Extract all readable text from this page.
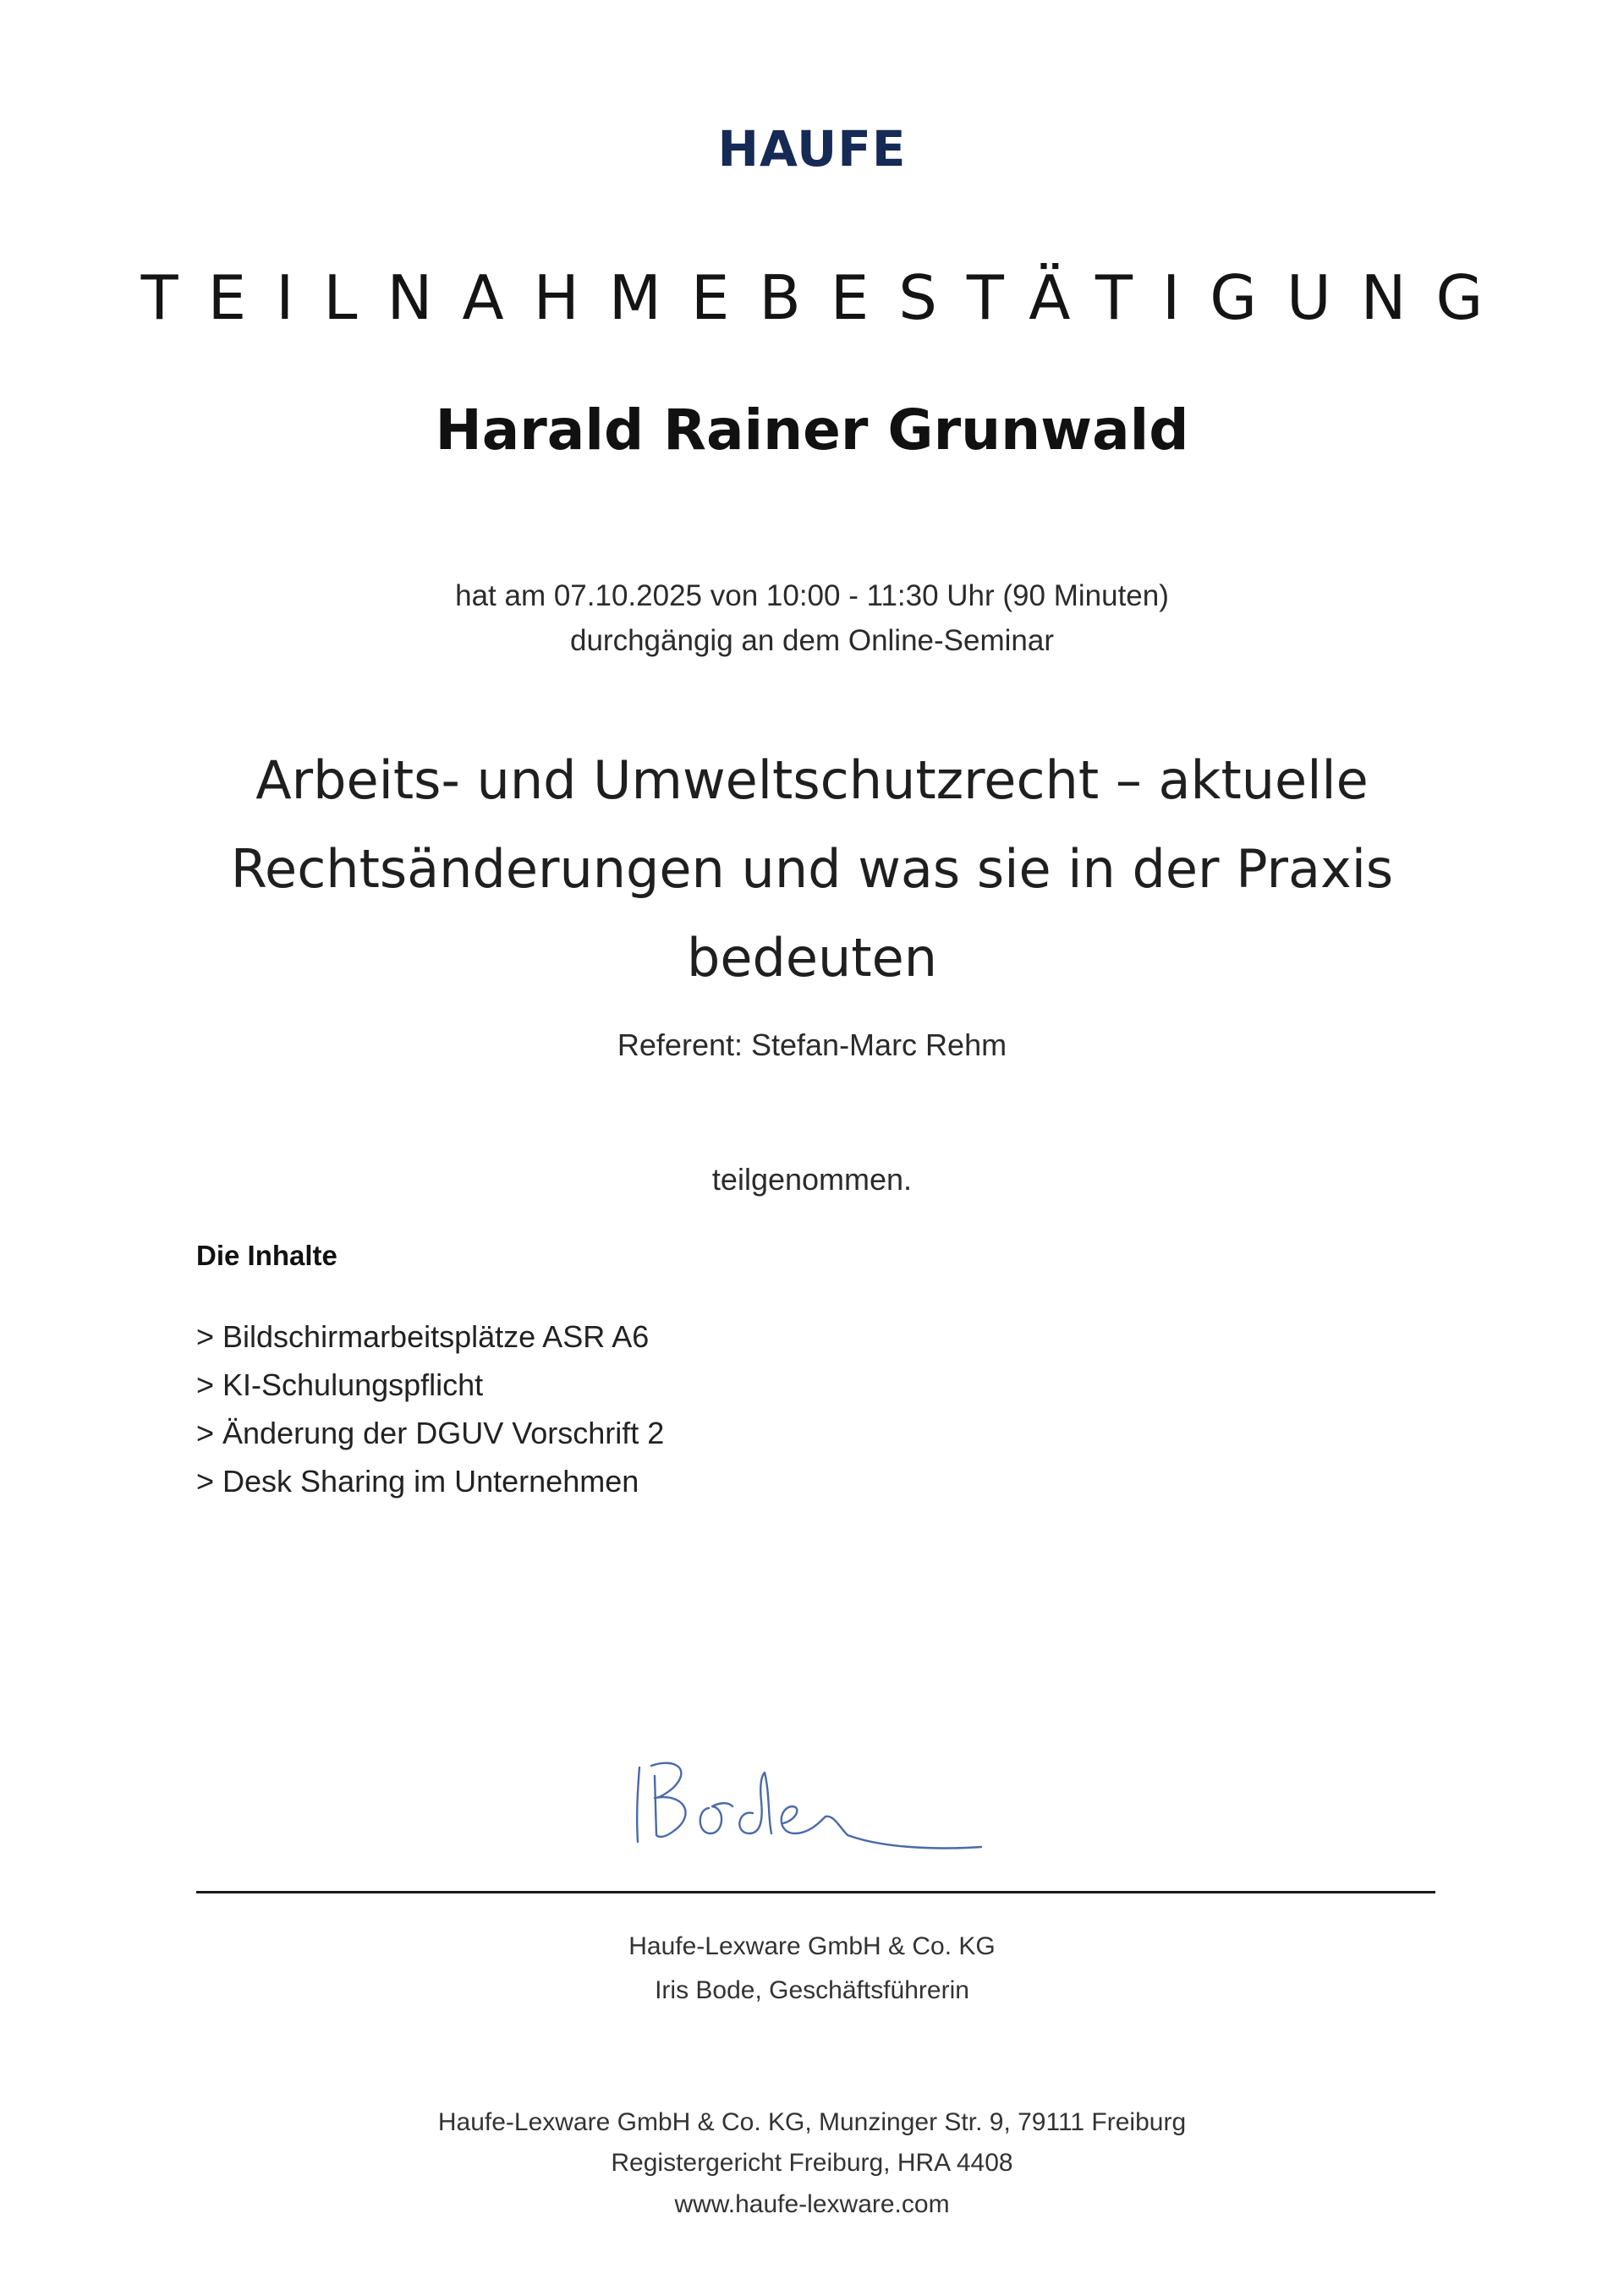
HAUFE
TEILNAHMEBESTÄTIGUNG
Harald Rainer Grunwald
hat am 07.10.2025 von 10:00 - 11:30 Uhr (90 Minuten)
durchgängig an dem Online-Seminar
Arbeits- und Umweltschutzrecht – aktuelle Rechtsänderungen und was sie in der Praxis bedeuten
Referent: Stefan-Marc Rehm
teilgenommen.
Die Inhalte
> Bildschirmarbeitsplätze ASR A6
> KI-Schulungspflicht
> Änderung der DGUV Vorschrift 2
> Desk Sharing im Unternehmen
Haufe-Lexware GmbH & Co. KG
Iris Bode, Geschäftsführerin
Haufe-Lexware GmbH & Co. KG, Munzinger Str. 9, 79111 Freiburg
Registergericht Freiburg, HRA 4408
www.haufe-lexware.com
